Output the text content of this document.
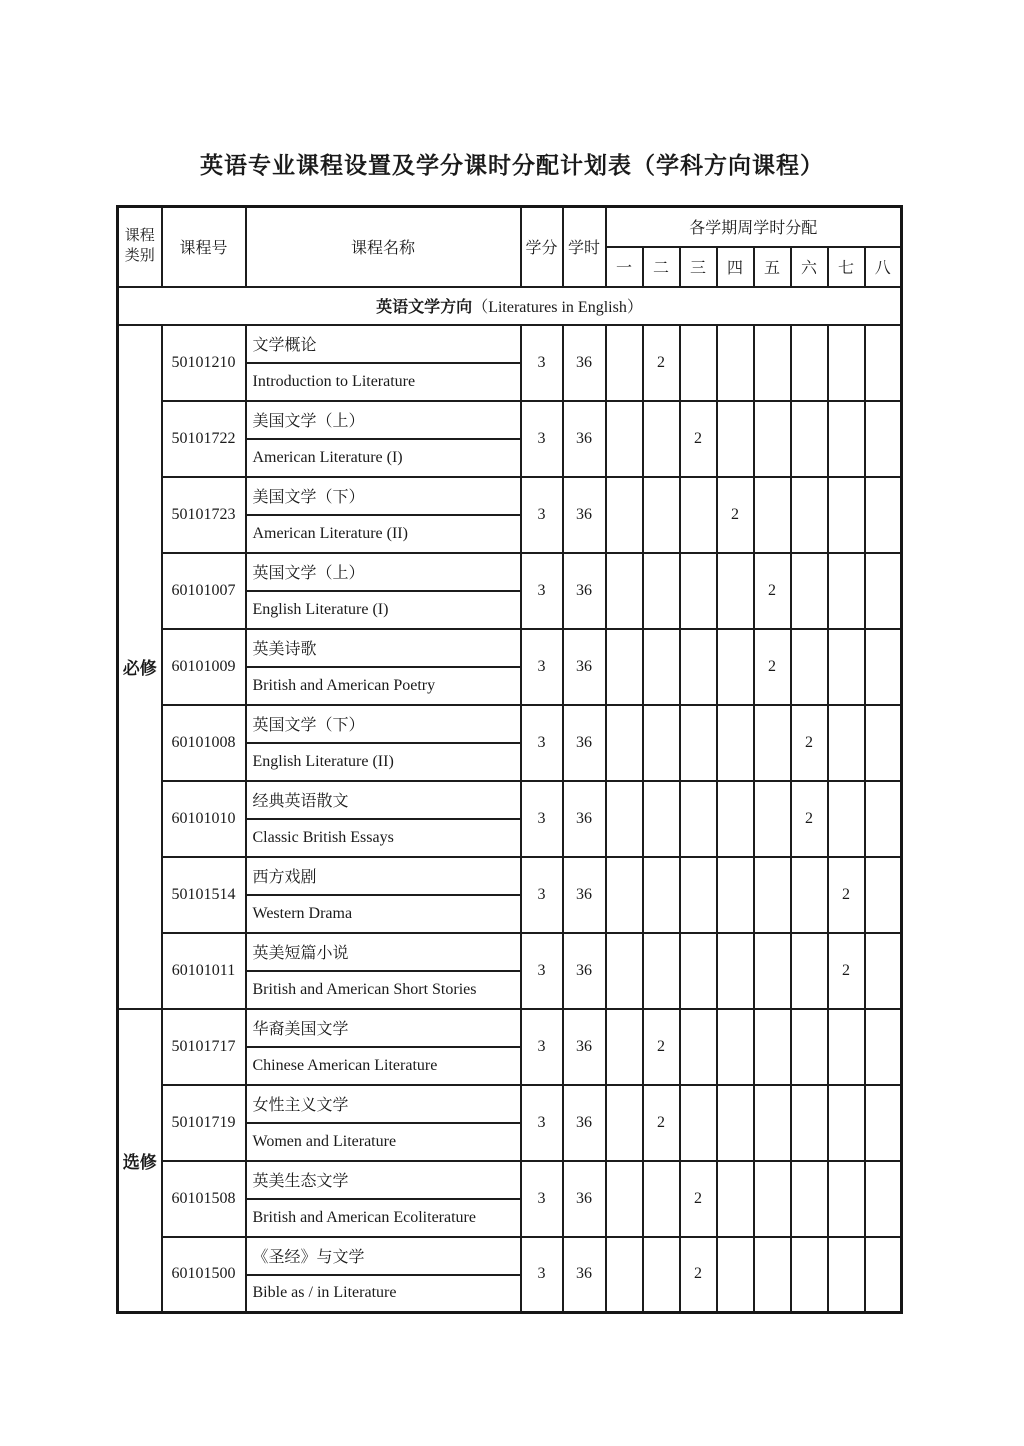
英语专业课程设置及学分课时分配计划表（学科方向课程）
课程类别	课程号	课程名称	学分	学时	各学期周学时分配							
					一	二	三	四	五	六	七	八
英语文学方向（Literatures in English）												
必修	50101210	文学概论	3	36		2						
		Introduction to Literature										
	50101722	美国文学（上）	3	36			2					
		American Literature (I)										
	50101723	美国文学（下）	3	36				2				
		American Literature (II)										
	60101007	英国文学（上）	3	36					2			
		English Literature (I)										
	60101009	英美诗歌	3	36					2			
		British and American Poetry										
	60101008	英国文学（下）	3	36						2		
		English Literature (II)										
	60101010	经典英语散文	3	36						2		
		Classic British Essays										
	50101514	西方戏剧	3	36							2	
		Western Drama										
	60101011	英美短篇小说	3	36							2	
		British and American Short Stories										
选修	50101717	华裔美国文学	3	36		2						
		Chinese American Literature										
	50101719	女性主义文学	3	36		2						
		Women and Literature										
	60101508	英美生态文学	3	36			2					
		British and American Ecoliterature										
	60101500	《圣经》与文学	3	36			2					
		Bible as / in Literature										
